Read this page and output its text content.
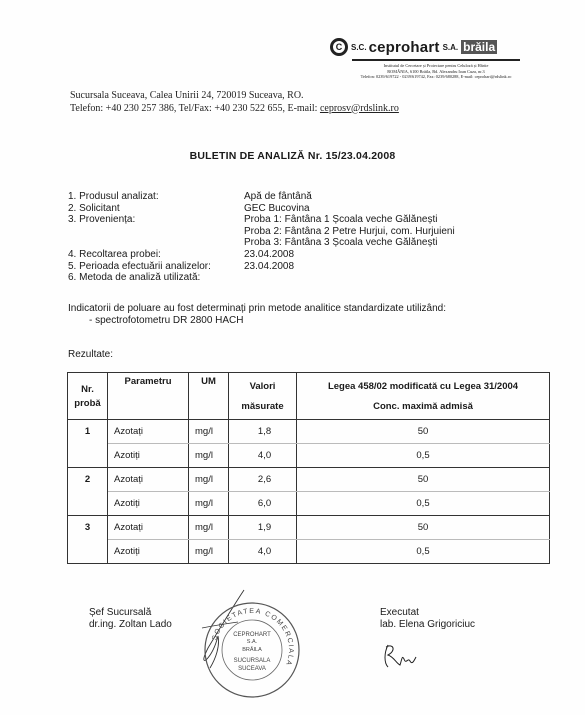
C	S.C. ceprohart S.A. brăila
Institutul de Cercetare și Proiectare pentru Celuloză și Hârtie
ROMÂNIA, 6100 Brăila, Bd. Alexandru Ioan Cuza, nr.3
Telefon: 0239/619722 - 0239/619742, Fax: 0239/680288, E-mail: ceprohart@rdslink.ro
Sucursala Suceava, Calea Unirii 24, 720019 Suceava, RO.
Telefon: +40 230 257 386, Tel/Fax: +40 230 522 655, E-mail: ceprosv@rdslink.ro
BULETIN DE ANALIZĂ Nr. 15/23.04.2008
1. Produsul analizat:	Apă de fântână
2. Solicitant	GEC Bucovina
3. Proveniența:	Proba 1: Fântâna 1 Școala veche Gălănești
Proba 2: Fântâna 2 Petre Hurjui, com. Hurjuieni
Proba 3: Fântâna 3 Școala veche Gălănești
4. Recoltarea probei:	23.04.2008
5. Perioada efectuării analizelor:	23.04.2008
6. Metoda de analiză utilizată:
Indicatorii de poluare au fost determinați prin metode analitice standardizate utilizând:
- spectrofotometru DR 2800 HACH
Rezultate:
Nr.
probă	Parametru	UM	Valori
măsurate	Legea 458/02 modificată cu Legea 31/2004
Conc. maximă admisă

1	Azotați	mg/l	1,8	50
	Azotiți	mg/l	4,0	0,5
2	Azotați	mg/l	2,6	50
	Azotiți	mg/l	6,0	0,5
3	Azotați	mg/l	1,9	50
	Azotiți	mg/l	4,0	0,5
Șef Sucursală
dr.ing. Zoltan Lado
Executat
lab. Elena Grigoriciuc
SOCIETATEA COMERCIALA
CEPROHART
S.A.
BRĂILA
SUCURSALA
SUCEAVA
